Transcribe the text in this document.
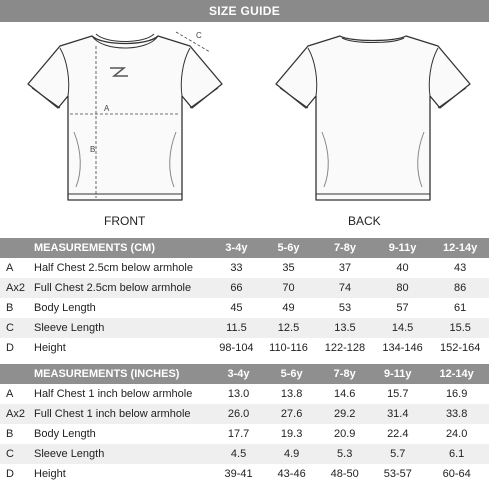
SIZE GUIDE
A
B
C
FRONT	BACK
	MEASUREMENTS (CM)	3-4y	5-6y	7-8y	9-11y	12-14y
A	Half Chest 2.5cm below armhole	33	35	37	40	43
Ax2	Full Chest 2.5cm below armhole	66	70	74	80	86
B	Body Length	45	49	53	57	61
C	Sleeve Length	11.5	12.5	13.5	14.5	15.5
D	Height	98-104	110-116	122-128	134-146	152-164
	MEASUREMENTS (INCHES)	3-4y	5-6y	7-8y	9-11y	12-14y
A	Half Chest 1 inch below armhole	13.0	13.8	14.6	15.7	16.9
Ax2	Full Chest 1 inch below armhole	26.0	27.6	29.2	31.4	33.8
B	Body Length	17.7	19.3	20.9	22.4	24.0
C	Sleeve Length	4.5	4.9	5.3	5.7	6.1
D	Height	39-41	43-46	48-50	53-57	60-64
